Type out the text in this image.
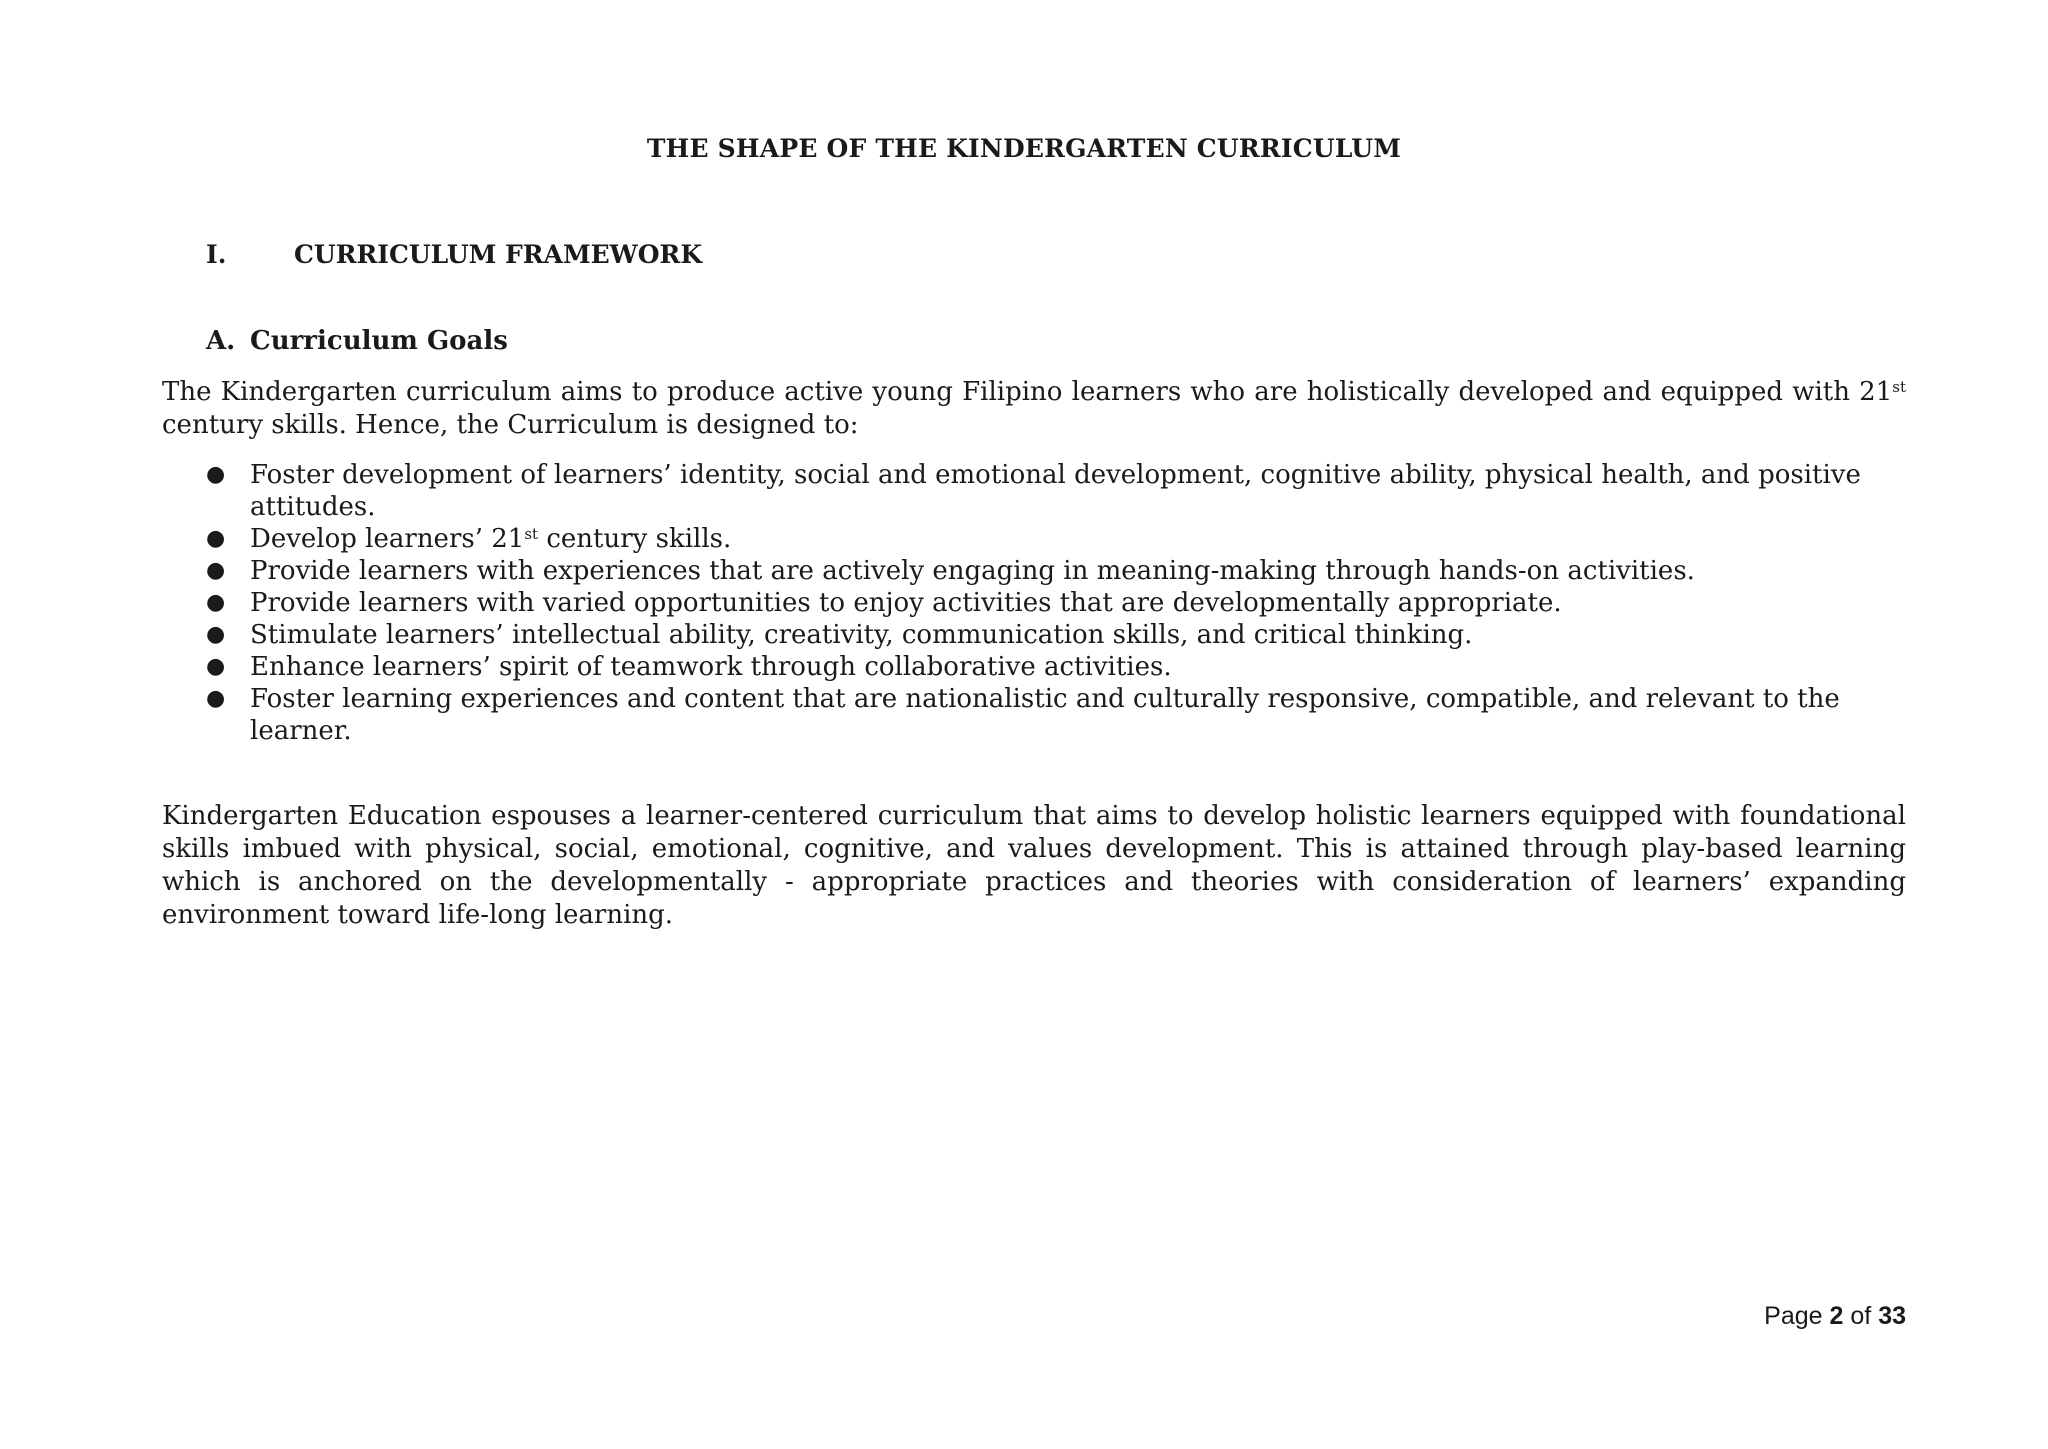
THE SHAPE OF THE KINDERGARTEN CURRICULUM
I.	CURRICULUM FRAMEWORK
A. Curriculum Goals

The Kindergarten curriculum aims to produce active young Filipino learners who are holistically developed and equipped with 21st century skills. Hence, the Curriculum is designed to:

● Foster development of learners’ identity, social and emotional development, cognitive ability, physical health, and positive attitudes.
● Develop learners’ 21st century skills.
● Provide learners with experiences that are actively engaging in meaning-making through hands-on activities.
● Provide learners with varied opportunities to enjoy activities that are developmentally appropriate.
● Stimulate learners’ intellectual ability, creativity, communication skills, and critical thinking.
● Enhance learners’ spirit of teamwork through collaborative activities.
● Foster learning experiences and content that are nationalistic and culturally responsive, compatible, and relevant to the learner.

Kindergarten Education espouses a learner-centered curriculum that aims to develop holistic learners equipped with foundational skills imbued with physical, social, emotional, cognitive, and values development. This is attained through play-based learning which is anchored on the developmentally - appropriate practices and theories with consideration of learners’ expanding environment toward life-long learning.

Page 2 of 33
